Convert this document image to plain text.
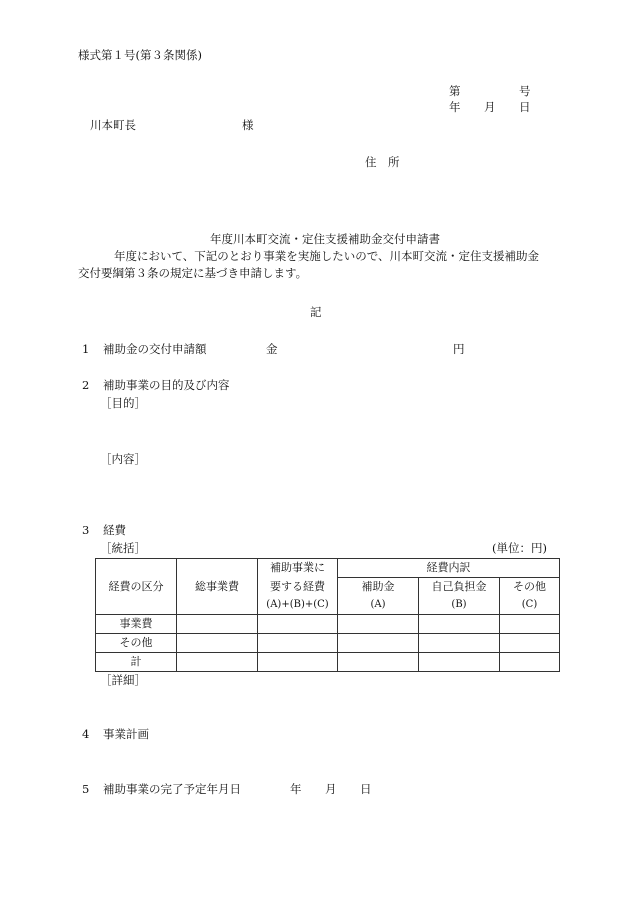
様式第１号(第３条関係)
第	号
年 月 日
川本町長	様
住　所
年度川本町交流・定住支援補助金交付申請書
年度において、下記のとおり事業を実施したいので、川本町交流・定住支援補助金
交付要綱第３条の規定に基づき申請します。
記
1 補助金の交付申請額	金	円
2 補助事業の目的及び内容
［目的］
［内容］
3 経費
［統括］	(単位：円)
経費の区分	総事業費	補助事業に	経費内訳		
		要する経費	補助金	自己負担金	その他
		(A)+(B)+(C)	(A)	(B)	(C)
事業費					
その他					
計					
［詳細］
4 事業計画
5 補助事業の完了予定年月日	年 月 日
